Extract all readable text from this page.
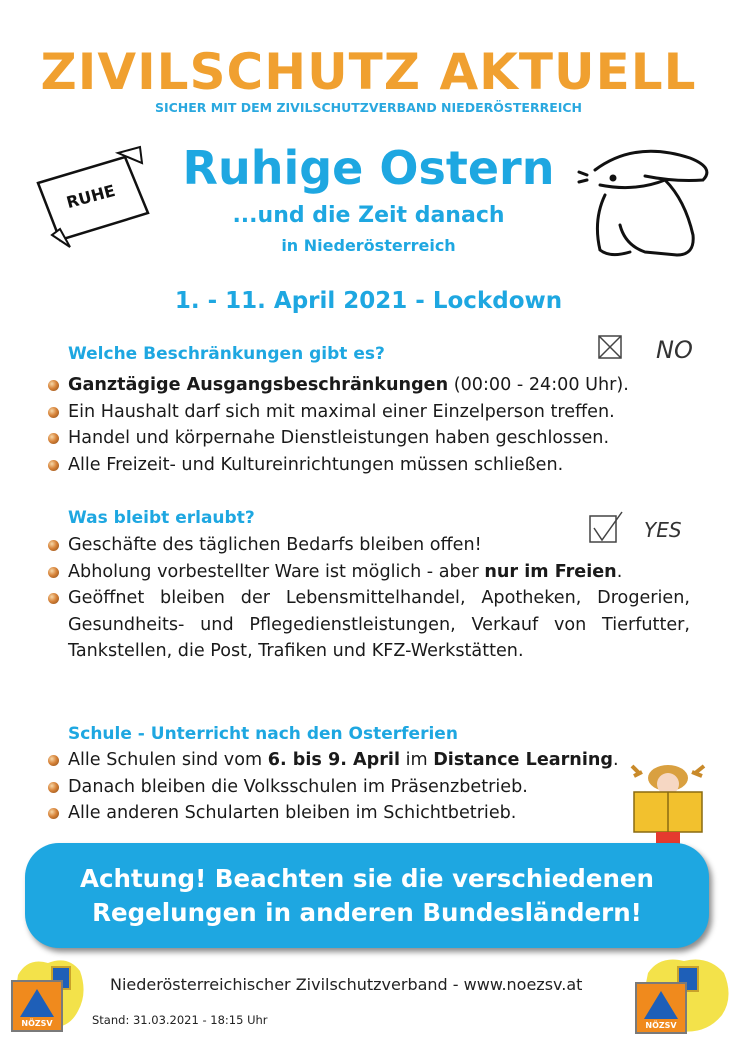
ZIVILSCHUTZ AKTUELL
SICHER MIT DEM ZIVILSCHUTZVERBAND NIEDERÖSTERREICH
RUHE
Ruhige Ostern
...und die Zeit danach
in Niederösterreich
1. - 11. April 2021 - Lockdown
Welche Beschränkungen gibt es?	NO
Ganztägige Ausgangsbeschränkungen (00:00 - 24:00 Uhr).
Ein Haushalt darf sich mit maximal einer Einzelperson treffen.
Handel und körpernahe Dienstleistungen haben geschlossen.
Alle Freizeit- und Kultureinrichtungen müssen schließen.
Was bleibt erlaubt?	YES
Geschäfte des täglichen Bedarfs bleiben offen!
Abholung vorbestellter Ware ist möglich - aber nur im Freien.
Geöffnet bleiben der Lebensmittelhandel, Apotheken, Drogerien, Gesundheits- und Pflegedienstleistungen, Verkauf von Tierfutter, Tankstellen, die Post, Trafiken und KFZ-Werkstätten.
Schule - Unterricht nach den Osterferien
Alle Schulen sind vom 6. bis 9. April im Distance Learning.
Danach bleiben die Volksschulen im Präsenzbetrieb.
Alle anderen Schularten bleiben im Schichtbetrieb.
Achtung! Beachten sie die verschiedenen
Regelungen in anderen Bundesländern!
NÖZSV	NÖZSV
Niederösterreichischer Zivilschutzverband - www.noezsv.at
Stand: 31.03.2021 - 18:15 Uhr
